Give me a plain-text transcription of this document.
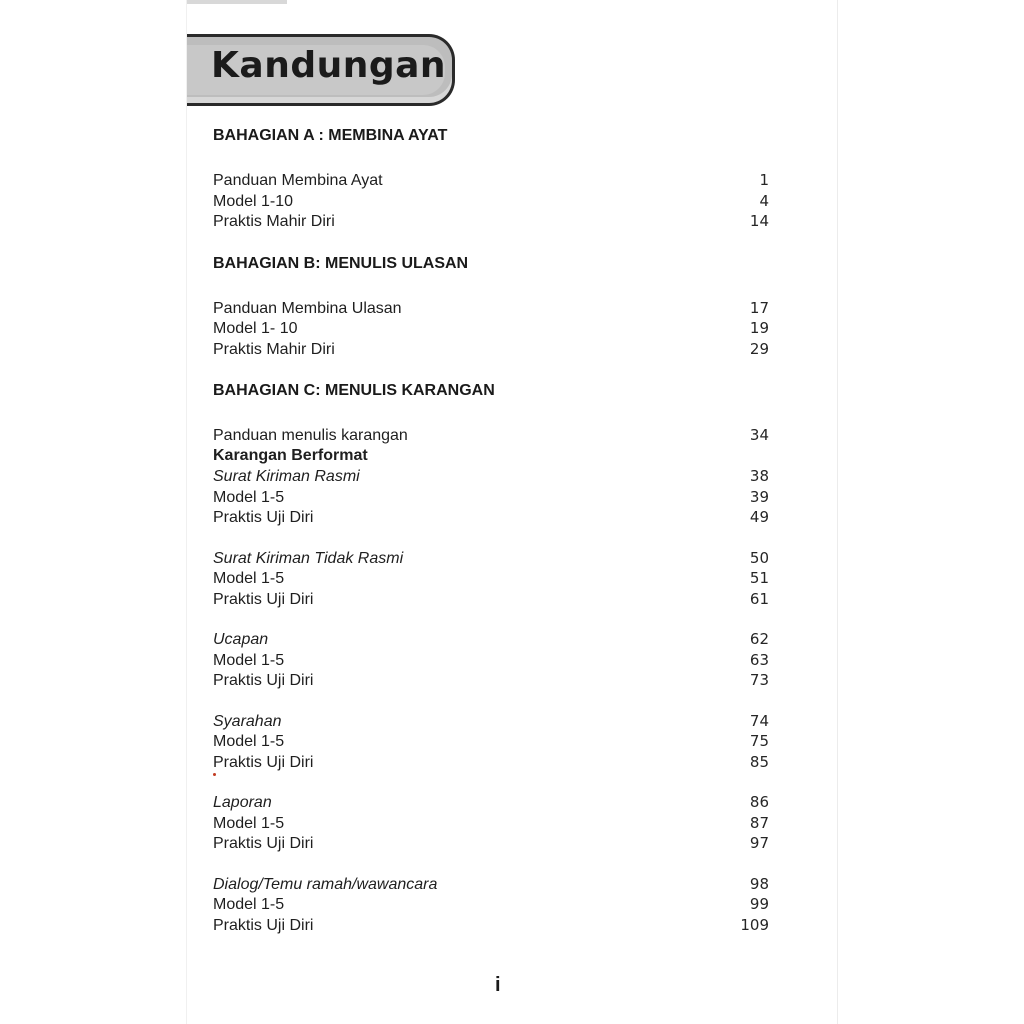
Kandungan
BAHAGIAN A : MEMBINA AYAT
Panduan Membina Ayat	1
Model 1-10	4
Praktis Mahir Diri	14
BAHAGIAN B: MENULIS ULASAN
Panduan Membina Ulasan	17
Model 1- 10	19
Praktis Mahir Diri	29
BAHAGIAN C: MENULIS KARANGAN
Panduan menulis karangan	34
Karangan Berformat
Surat Kiriman Rasmi	38
Model 1-5	39
Praktis Uji Diri	49
Surat Kiriman Tidak Rasmi	50
Model 1-5	51
Praktis Uji Diri	61
Ucapan	62
Model 1-5	63
Praktis Uji Diri	73
Syarahan	74
Model 1-5	75
Praktis Uji Diri	85
Laporan	86
Model 1-5	87
Praktis Uji Diri	97
Dialog/Temu ramah/wawancara	98
Model 1-5	99
Praktis Uji Diri	109
i
